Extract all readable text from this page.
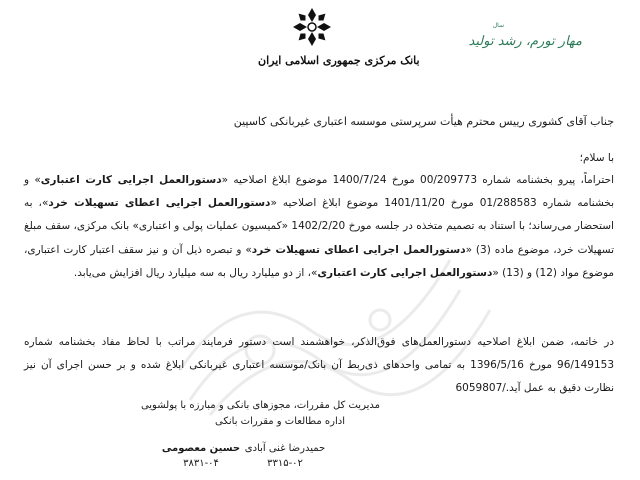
بانک مرکزی جمهوری اسلامی ایران
سال
مهار تورم، رشد تولید
جناب آقای کشوری رییس محترم هیأت سرپرستی موسسه اعتباری غیربانکی کاسپین
با سلام؛
احتراماً، پیرو بخشنامه شماره 00/209773 مورخ 1400/7/24 موضوع ابلاغ اصلاحیه «دستورالعمل اجرایی کارت اعتباری» و بخشنامه شماره 01/288583 مورخ 1401/11/20 موضوع ابلاغ اصلاحیه «دستورالعمل اجرایی اعطای تسهیلات خرد»، به استحضار می‌رساند؛ با استناد به تصمیم متخذه در جلسه مورخ 1402/2/20 «کمیسیون عملیات پولی و اعتباری» بانک مرکزی، سقف مبلغ تسهیلات خرد، موضوع ماده (3) «دستورالعمل اجرایی اعطای تسهیلات خرد» و تبصره ذیل آن و نیز سقف اعتبار کارت اعتباری، موضوع مواد (12) و (13) «دستورالعمل اجرایی کارت اعتباری»، از دو میلیارد ریال به سه میلیارد ریال افزایش می‌یابد.
در خاتمه، ضمن ابلاغ اصلاحیه دستورالعمل‌های فوق‌الذکر، خواهشمند است دستور فرمایند مراتب با لحاظ مفاد بخشنامه شماره 96/149153 مورخ 1396/5/16 به تمامی واحدهای ذی‌ربط آن بانک/موسسه اعتباری غیربانکی ابلاغ شده و بر حسن اجرای آن نیز نظارت دقیق به عمل آید./6059807
مدیریت کل مقررات، مجوزهای بانکی و مبارزه با پولشویی
اداره مطالعات و مقررات بانکی
حسین معصومی حمیدرضا غنی آبادی
۳۸۳۱-۰۴	۳۳۱۵-۰۲
